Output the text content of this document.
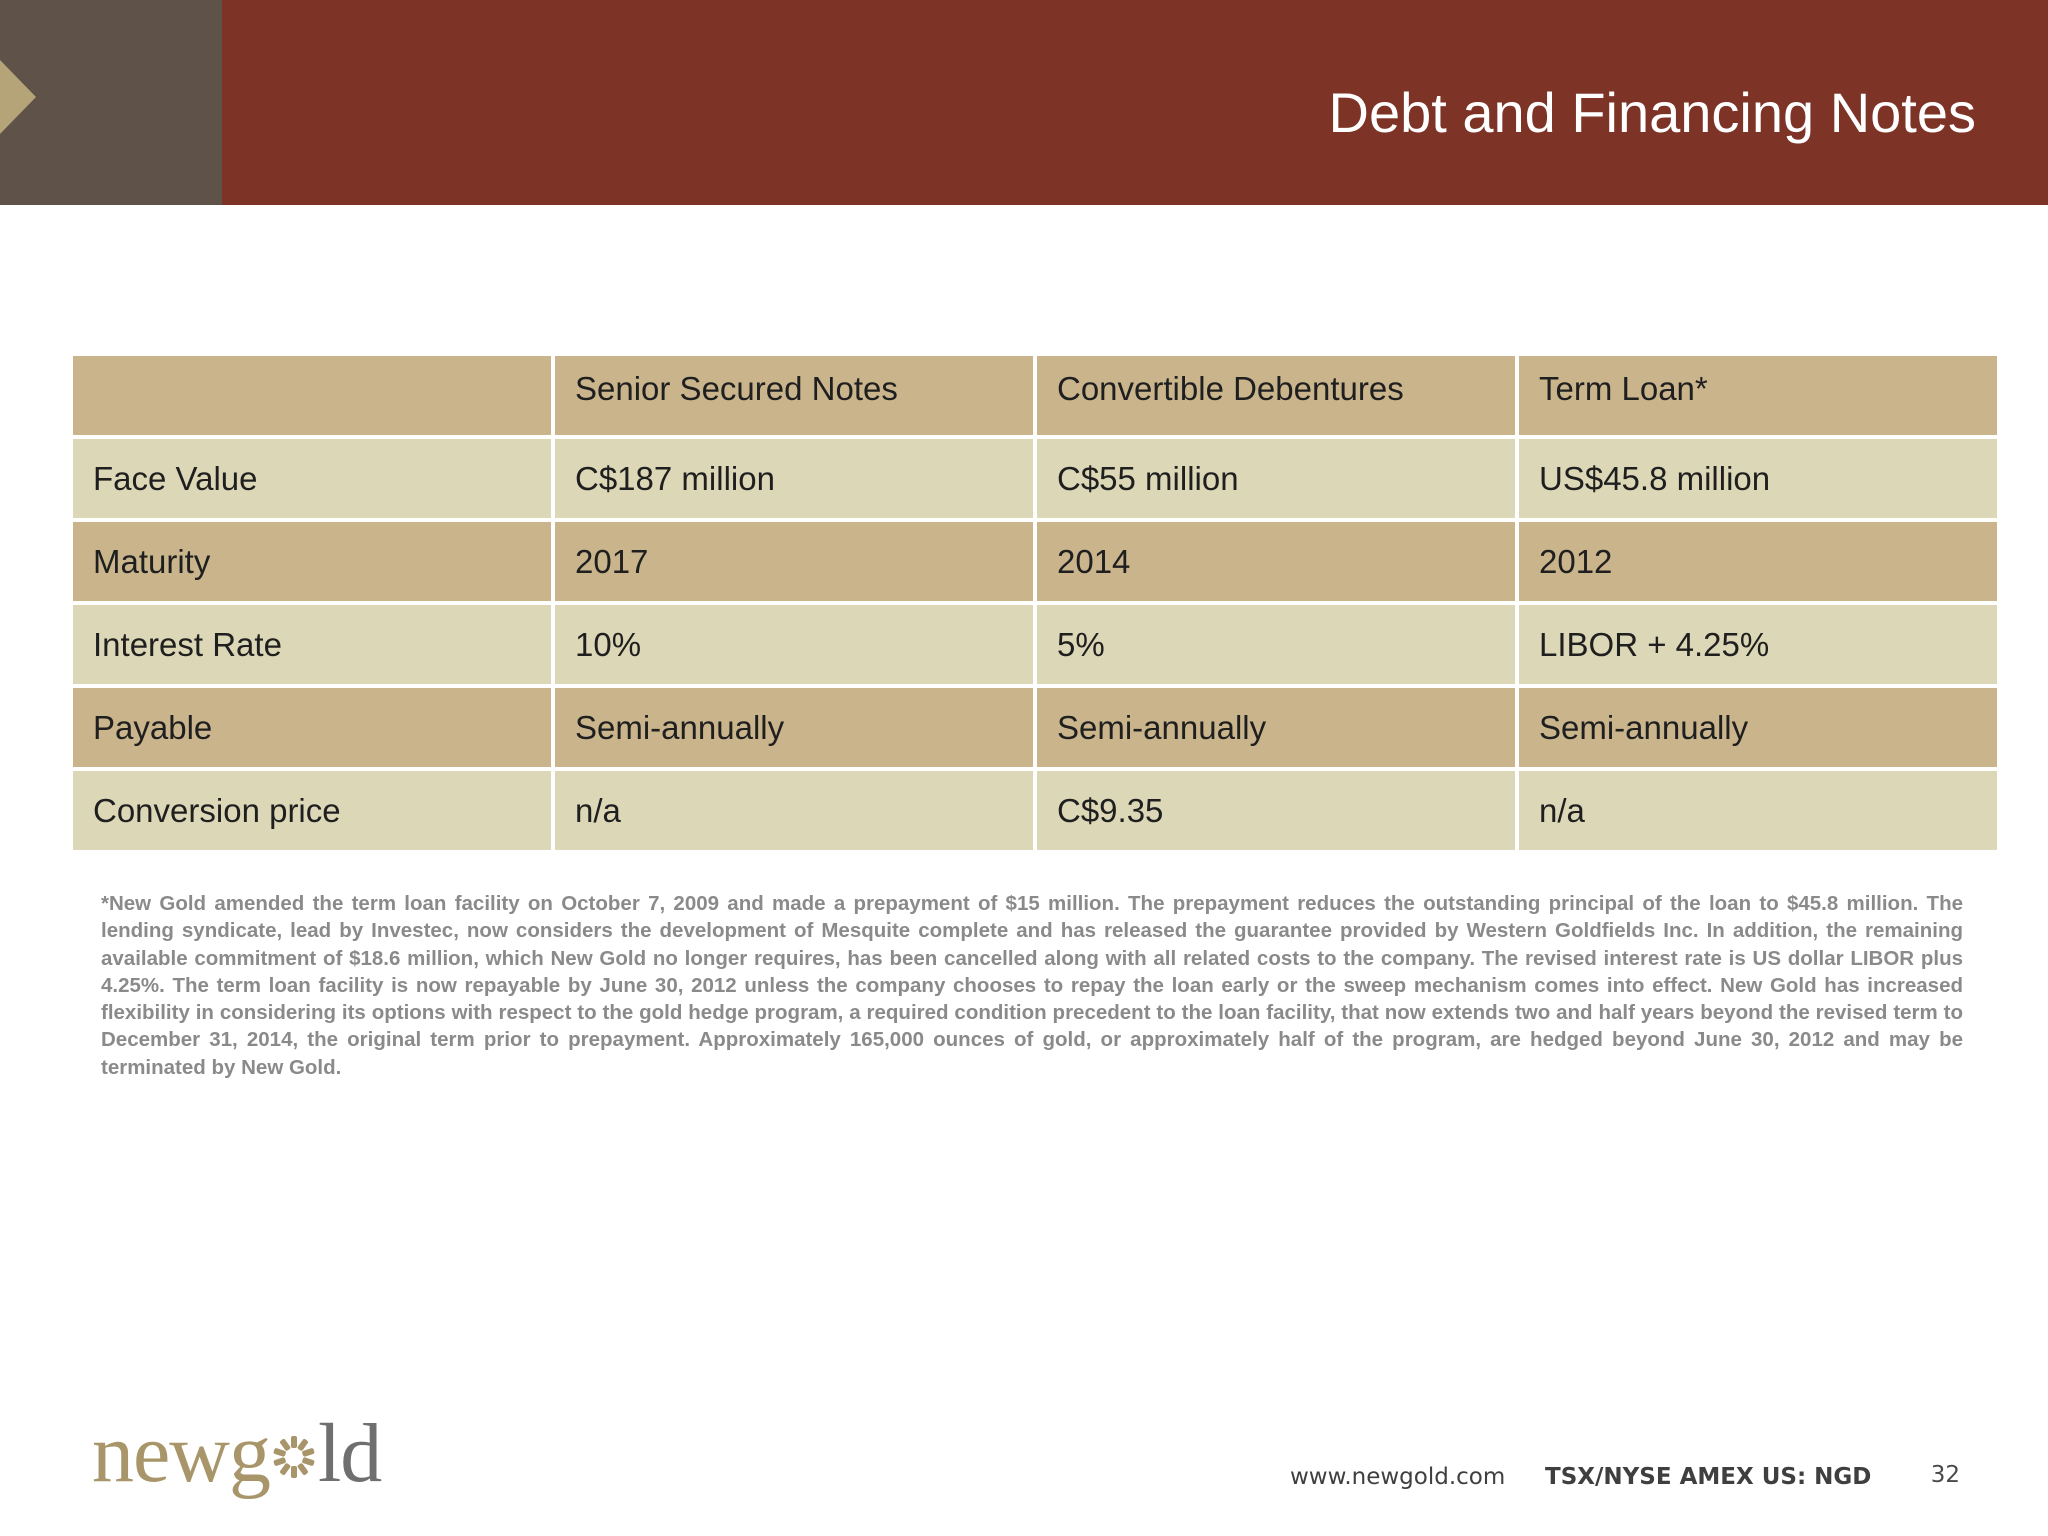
Debt and Financing Notes
	Senior Secured Notes	Convertible Debentures	Term Loan*
Face Value	C$187 million	C$55 million	US$45.8 million
Maturity	2017	2014	2012
Interest Rate	10%	5%	LIBOR + 4.25%
Payable	Semi-annually	Semi-annually	Semi-annually
Conversion price	n/a	C$9.35	n/a

*New Gold amended the term loan facility on October 7, 2009 and made a prepayment of $15 million. The prepayment reduces the outstanding principal of the loan to $45.8 million. The lending syndicate, lead by Investec, now considers the development of Mesquite complete and has released the guarantee provided by Western Goldfields Inc. In addition, the remaining available commitment of $18.6 million, which New Gold no longer requires, has been cancelled along with all related costs to the company. The revised interest rate is US dollar LIBOR plus 4.25%. The term loan facility is now repayable by June 30, 2012 unless the company chooses to repay the loan early or the sweep mechanism comes into effect. New Gold has increased flexibility in considering its options with respect to the gold hedge program, a required condition precedent to the loan facility, that now extends two and half years beyond the revised term to December 31, 2014, the original term prior to prepayment. Approximately 165,000 ounces of gold, or approximately half of the program, are hedged beyond June 30, 2012 and may be terminated by New Gold.

newg ld	www.newgold.com TSX/NYSE AMEX US: NGD	32
